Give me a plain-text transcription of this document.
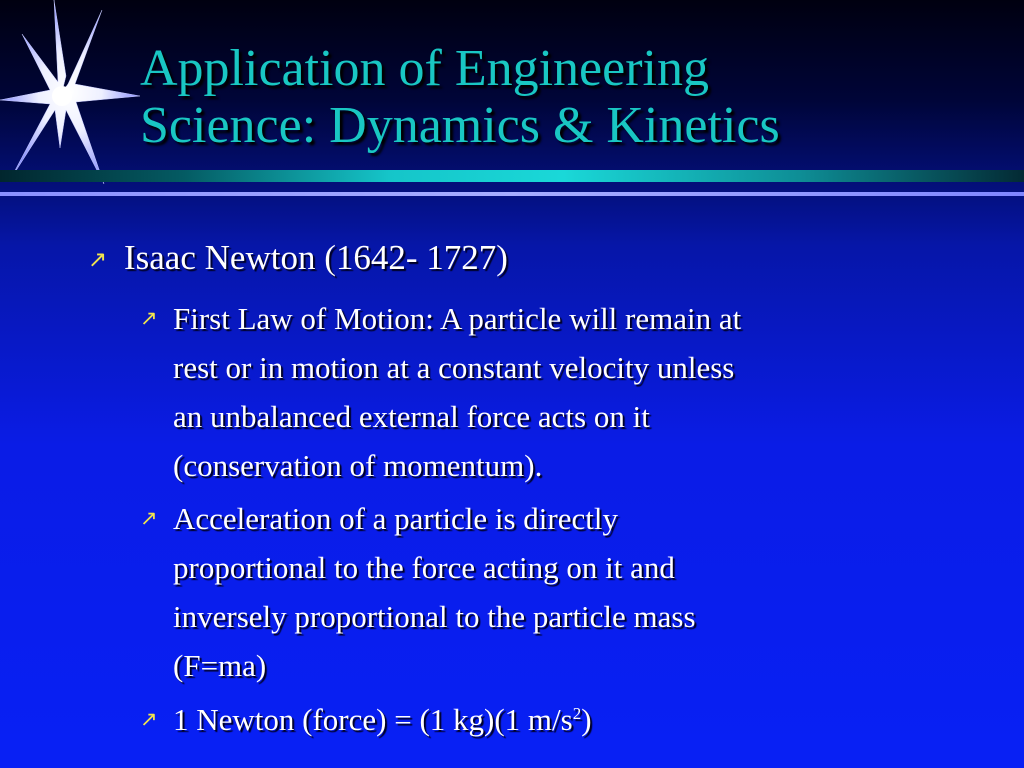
Application of Engineering
Science: Dynamics & Kinetics
↗ Isaac Newton (1642- 1727)
↗ First Law of Motion: A particle will remain at
rest or in motion at a constant velocity unless
an unbalanced external force acts on it
(conservation of momentum).
↗ Acceleration of a particle is directly
proportional to the force acting on it and
inversely proportional to the particle mass
(F=ma)
↗ 1 Newton (force) = (1 kg)(1 $m/s^2$)
